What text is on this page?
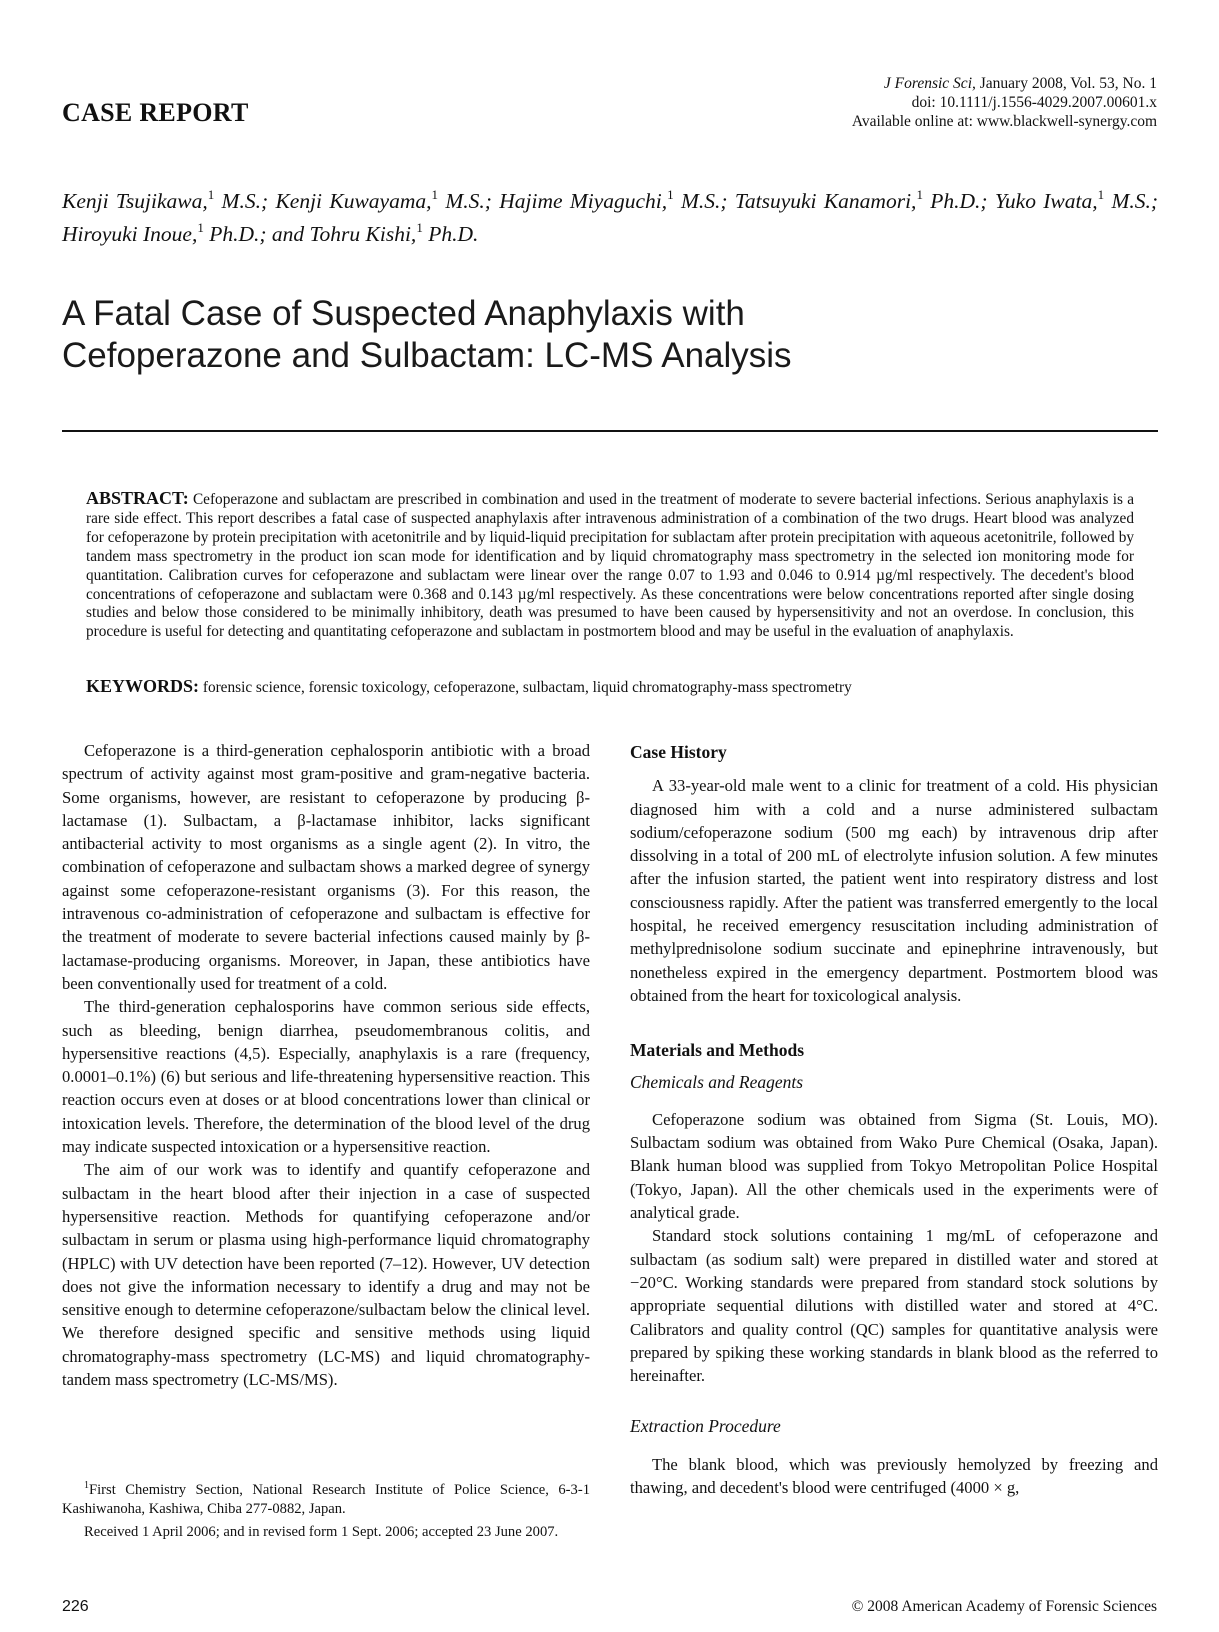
CASE REPORT
J Forensic Sci, January 2008, Vol. 53, No. 1
doi: 10.1111/j.1556-4029.2007.00601.x
Available online at: www.blackwell-synergy.com
Kenji Tsujikawa,$^1$ M.S.; Kenji Kuwayama,$^1$ M.S.; Hajime Miyaguchi,$^1$ M.S.; Tatsuyuki Kanamori,$^1$ Ph.D.; Yuko Iwata,$^1$ M.S.; Hiroyuki Inoue,$^1$ Ph.D.; and Tohru Kishi,$^1$ Ph.D.
A Fatal Case of Suspected Anaphylaxis with
Cefoperazone and Sulbactam: LC-MS Analysis
ABSTRACT: Cefoperazone and sublactam are prescribed in combination and used in the treatment of moderate to severe bacterial infections. Serious anaphylaxis is a rare side effect. This report describes a fatal case of suspected anaphylaxis after intravenous administration of a combination of the two drugs. Heart blood was analyzed for cefoperazone by protein precipitation with acetonitrile and by liquid-liquid precipitation for sublactam after protein precipitation with aqueous acetonitrile, followed by tandem mass spectrometry in the product ion scan mode for identification and by liquid chromatography mass spectrometry in the selected ion monitoring mode for quantitation. Calibration curves for cefoperazone and sublactam were linear over the range 0.07 to 1.93 and 0.046 to 0.914 µg/ml respectively. The decedent's blood concentrations of cefoperazone and sublactam were 0.368 and 0.143 µg/ml respectively. As these concentrations were below concentrations reported after single dosing studies and below those considered to be minimally inhibitory, death was presumed to have been caused by hypersensitivity and not an overdose. In conclusion, this procedure is useful for detecting and quantitating cefoperazone and sublactam in postmortem blood and may be useful in the evaluation of anaphylaxis.
KEYWORDS: forensic science, forensic toxicology, cefoperazone, sulbactam, liquid chromatography-mass spectrometry

Cefoperazone is a third-generation cephalosporin antibiotic with a broad spectrum of activity against most gram-positive and gram-negative bacteria. Some organisms, however, are resistant to cefoperazone by producing β-lactamase (1). Sulbactam, a β-lactamase inhibitor, lacks significant antibacterial activity to most organisms as a single agent (2). In vitro, the combination of cefoperazone and sulbactam shows a marked degree of synergy against some cefoperazone-resistant organisms (3). For this reason, the intravenous co-administration of cefoperazone and sulbactam is effective for the treatment of moderate to severe bacterial infections caused mainly by β-lactamase-producing organisms. Moreover, in Japan, these antibiotics have been conventionally used for treatment of a cold.

The third-generation cephalosporins have common serious side effects, such as bleeding, benign diarrhea, pseudomembranous colitis, and hypersensitive reactions (4,5). Especially, anaphylaxis is a rare (frequency, 0.0001–0.1%) (6) but serious and life-threatening hypersensitive reaction. This reaction occurs even at doses or at blood concentrations lower than clinical or intoxication levels. Therefore, the determination of the blood level of the drug may indicate suspected intoxication or a hypersensitive reaction.

The aim of our work was to identify and quantify cefoperazone and sulbactam in the heart blood after their injection in a case of suspected hypersensitive reaction. Methods for quantifying cefoperazone and/or sulbactam in serum or plasma using high-performance liquid chromatography (HPLC) with UV detection have been reported (7–12). However, UV detection does not give the information necessary to identify a drug and may not be sensitive enough to determine cefoperazone/sulbactam below the clinical level. We therefore designed specific and sensitive methods using liquid chromatography-mass spectrometry (LC-MS) and liquid chromatography-tandem mass spectrometry (LC-MS/MS).

$^1$First Chemistry Section, National Research Institute of Police Science, 6-3-1 Kashiwanoha, Kashiwa, Chiba 277-0882, Japan.

Received 1 April 2006; and in revised form 1 Sept. 2006; accepted 23 June 2007.

Case History

A 33-year-old male went to a clinic for treatment of a cold. His physician diagnosed him with a cold and a nurse administered sulbactam sodium/cefoperazone sodium (500 mg each) by intravenous drip after dissolving in a total of 200 mL of electrolyte infusion solution. A few minutes after the infusion started, the patient went into respiratory distress and lost consciousness rapidly. After the patient was transferred emergently to the local hospital, he received emergency resuscitation including administration of methylprednisolone sodium succinate and epinephrine intravenously, but nonetheless expired in the emergency department. Postmortem blood was obtained from the heart for toxicological analysis.

Materials and Methods

Chemicals and Reagents

Cefoperazone sodium was obtained from Sigma (St. Louis, MO). Sulbactam sodium was obtained from Wako Pure Chemical (Osaka, Japan). Blank human blood was supplied from Tokyo Metropolitan Police Hospital (Tokyo, Japan). All the other chemicals used in the experiments were of analytical grade.

Standard stock solutions containing 1 mg/mL of cefoperazone and sulbactam (as sodium salt) were prepared in distilled water and stored at −20°C. Working standards were prepared from standard stock solutions by appropriate sequential dilutions with distilled water and stored at 4°C. Calibrators and quality control (QC) samples for quantitative analysis were prepared by spiking these working standards in blank blood as the referred to hereinafter.

Extraction Procedure

The blank blood, which was previously hemolyzed by freezing and thawing, and decedent's blood were centrifuged (4000 × g,

226	© 2008 American Academy of Forensic Sciences
